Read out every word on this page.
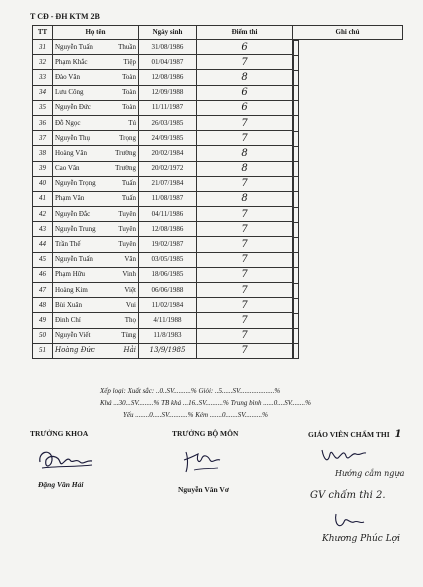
T CĐ - ĐH KTM 2B
TT	Họ tên		Ngày sinh	Điểm thi	Ghi chú
31	Nguyễn Tuấn	Thuần	31/08/1986	6	

32	Phạm Khắc	Tiệp	01/04/1987	7	

33	Đào Văn	Toàn	12/08/1986	8	

34	Lưu Công	Toàn	12/09/1988	6	

35	Nguyễn Đức	Toàn	11/11/1987	6	

36	Đỗ Ngọc	Tú	26/03/1985	7	

37	Nguyễn Thụ	Trọng	24/09/1985	7	

38	Hoàng Văn	Trường	20/02/1984	8	

39	Cao Văn	Trường	20/02/1972	8	

40	Nguyễn Trọng	Tuấn	21/07/1984	7	

41	Phạm Văn	Tuấn	11/08/1987	8	

42	Nguyễn Đắc	Tuyên	04/11/1986	7	

43	Nguyễn Trung	Tuyên	12/08/1986	7	

44	Trần Thế	Tuyên	19/02/1987	7	

45	Nguyễn Tuấn	Văn	03/05/1985	7	

46	Phạm Hữu	Vinh	18/06/1985	7	

47	Hoàng Kim	Việt	06/06/1988	7	

48	Bùi Xuân	Vui	11/02/1984	7	

49	Đinh Chí	Thọ	4/11/1988	7	

50	Nguyễn Viết	Tùng	11/8/1983	7	

51	Hoàng Đức	Hải	13/9/1985	7	
Xếp loại: Xuất sắc: ..0..SV..........% Giỏi: ..5......SV....................%
Khá ...30...SV.........% TB khá ...16..SV..........% Trung bình ......0....SV........%
Yếu ........0.....SV...........% Kém .......0.......SV..........%
TRƯỞNG KHOA	TRƯỞNG BỘ MÔN	GIÁO VIÊN CHẤM THI 1
Đặng Văn Hải
Nguyễn Văn Vơ
Hướng cắm ngựa
GV chấm thi 2.
Khương Phúc Lợi
